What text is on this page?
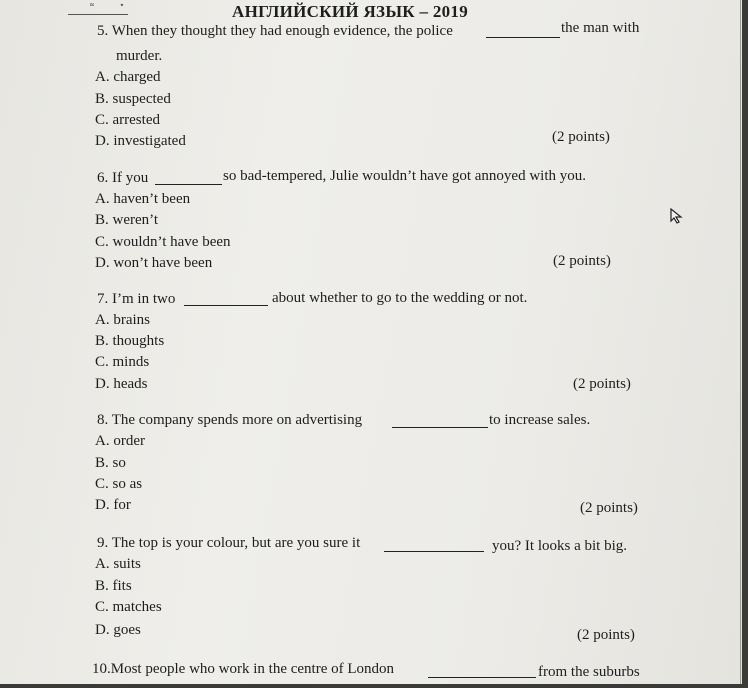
≈	٭	АНГЛИЙСКИЙ ЯЗЫК – 2019
5. When they thought they had enough evidence, the police	the man with
murder.
A. charged
B. suspected
C. arrested
D. investigated	(2 points)
6. If you	so bad-tempered, Julie wouldn’t have got annoyed with you.
A. haven’t been
B. weren’t
C. wouldn’t have been
D. won’t have been	(2 points)
7. I’m in two	about whether to go to the wedding or not.
A. brains
B. thoughts
C. minds
D. heads	(2 points)
8. The company spends more on advertising	to increase sales.
A. order
B. so
C. so as
D. for	(2 points)
9. The top is your colour, but are you sure it	you? It looks a bit big.
A. suits
B. fits
C. matches
D. goes	(2 points)
10.Most people who work in the centre of London	from the suburbs
